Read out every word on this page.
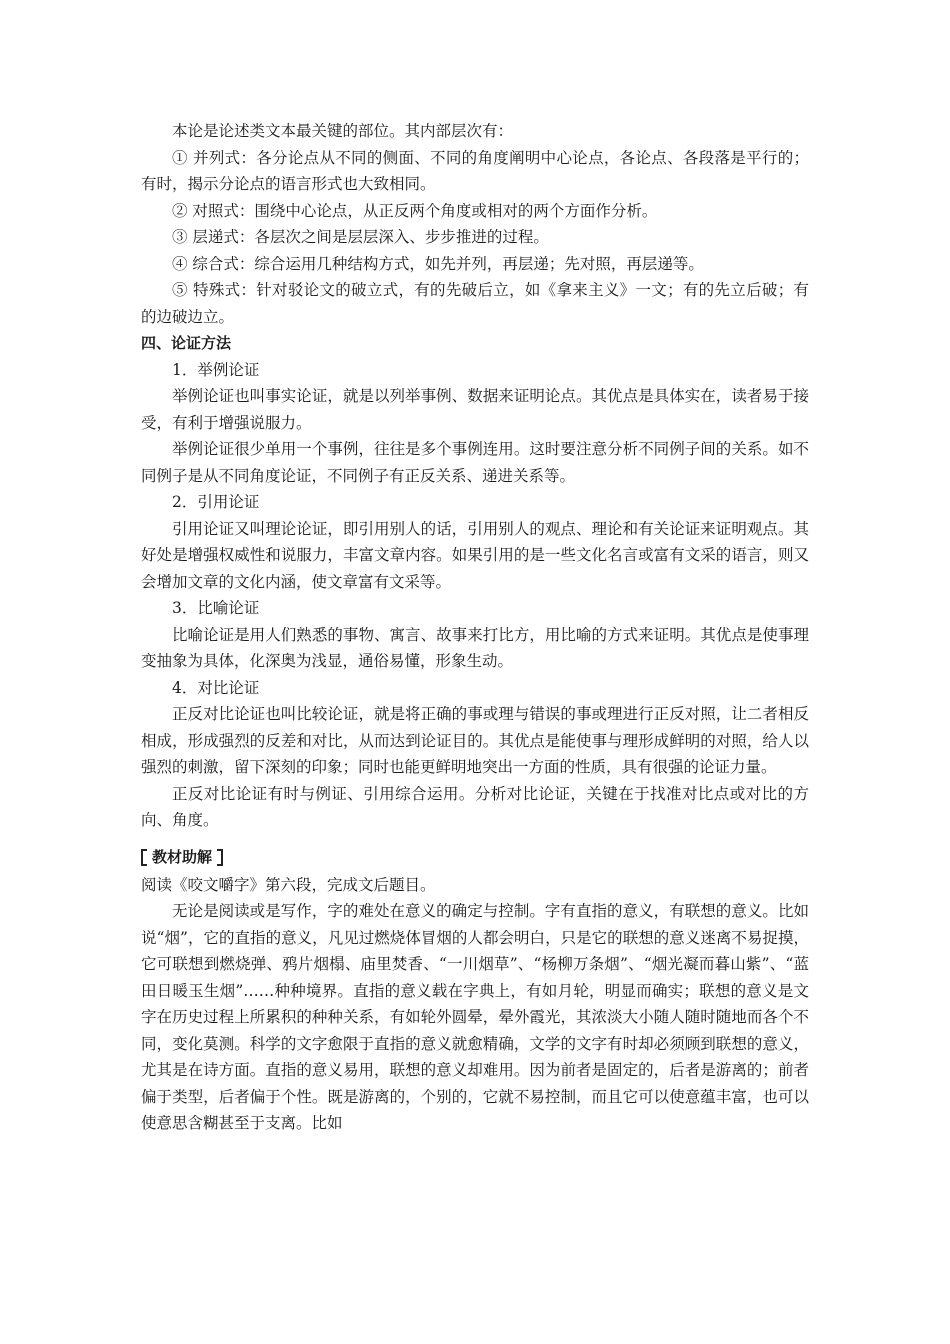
本论是论述类文本最关键的部位。其内部层次有：

① 并列式：各分论点从不同的侧面、不同的角度阐明中心论点，各论点、各段落是平行的；有时，揭示分论点的语言形式也大致相同。

② 对照式：围绕中心论点，从正反两个角度或相对的两个方面作分析。

③ 层递式：各层次之间是层层深入、步步推进的过程。

④ 综合式：综合运用几种结构方式，如先并列，再层递；先对照，再层递等。

⑤ 特殊式：针对驳论文的破立式，有的先破后立，如《拿来主义》一文；有的先立后破；有的边破边立。

四、论证方法

1．举例论证

举例论证也叫事实论证，就是以列举事例、数据来证明论点。其优点是具体实在，读者易于接受，有利于增强说服力。

举例论证很少单用一个事例，往往是多个事例连用。这时要注意分析不同例子间的关系。如不同例子是从不同角度论证，不同例子有正反关系、递进关系等。

2．引用论证

引用论证又叫理论论证，即引用别人的话，引用别人的观点、理论和有关论证来证明观点。其好处是增强权威性和说服力，丰富文章内容。如果引用的是一些文化名言或富有文采的语言，则又会增加文章的文化内涵，使文章富有文采等。

3．比喻论证

比喻论证是用人们熟悉的事物、寓言、故事来打比方，用比喻的方式来证明。其优点是使事理变抽象为具体，化深奥为浅显，通俗易懂，形象生动。

4．对比论证

正反对比论证也叫比较论证，就是将正确的事或理与错误的事或理进行正反对照，让二者相反相成，形成强烈的反差和对比，从而达到论证目的。其优点是能使事与理形成鲜明的对照，给人以强烈的刺激，留下深刻的印象；同时也能更鲜明地突出一方面的性质，具有很强的论证力量。

正反对比论证有时与例证、引用综合运用。分析对比论证，关键在于找准对比点或对比的方向、角度。

教材助解

阅读《咬文嚼字》第六段，完成文后题目。

无论是阅读或是写作，字的难处在意义的确定与控制。字有直指的意义，有联想的意义。比如说“烟”，它的直指的意义，凡见过燃烧体冒烟的人都会明白，只是它的联想的意义迷离不易捉摸，它可联想到燃烧弹、鸦片烟榻、庙里焚香、“一川烟草”、“杨柳万条烟”、“烟光凝而暮山紫”、“蓝田日暖玉生烟”……种种境界。直指的意义载在字典上，有如月轮，明显而确实；联想的意义是文字在历史过程上所累积的种种关系，有如轮外圆晕，晕外霞光，其浓淡大小随人随时随地而各个不同，变化莫测。科学的文字愈限于直指的意义就愈精确，文学的文字有时却必须顾到联想的意义，尤其是在诗方面。直指的意义易用，联想的意义却难用。因为前者是固定的，后者是游离的；前者偏于类型，后者偏于个性。既是游离的，个别的，它就不易控制，而且它可以使意蕴丰富，也可以使意思含糊甚至于支离。比如
